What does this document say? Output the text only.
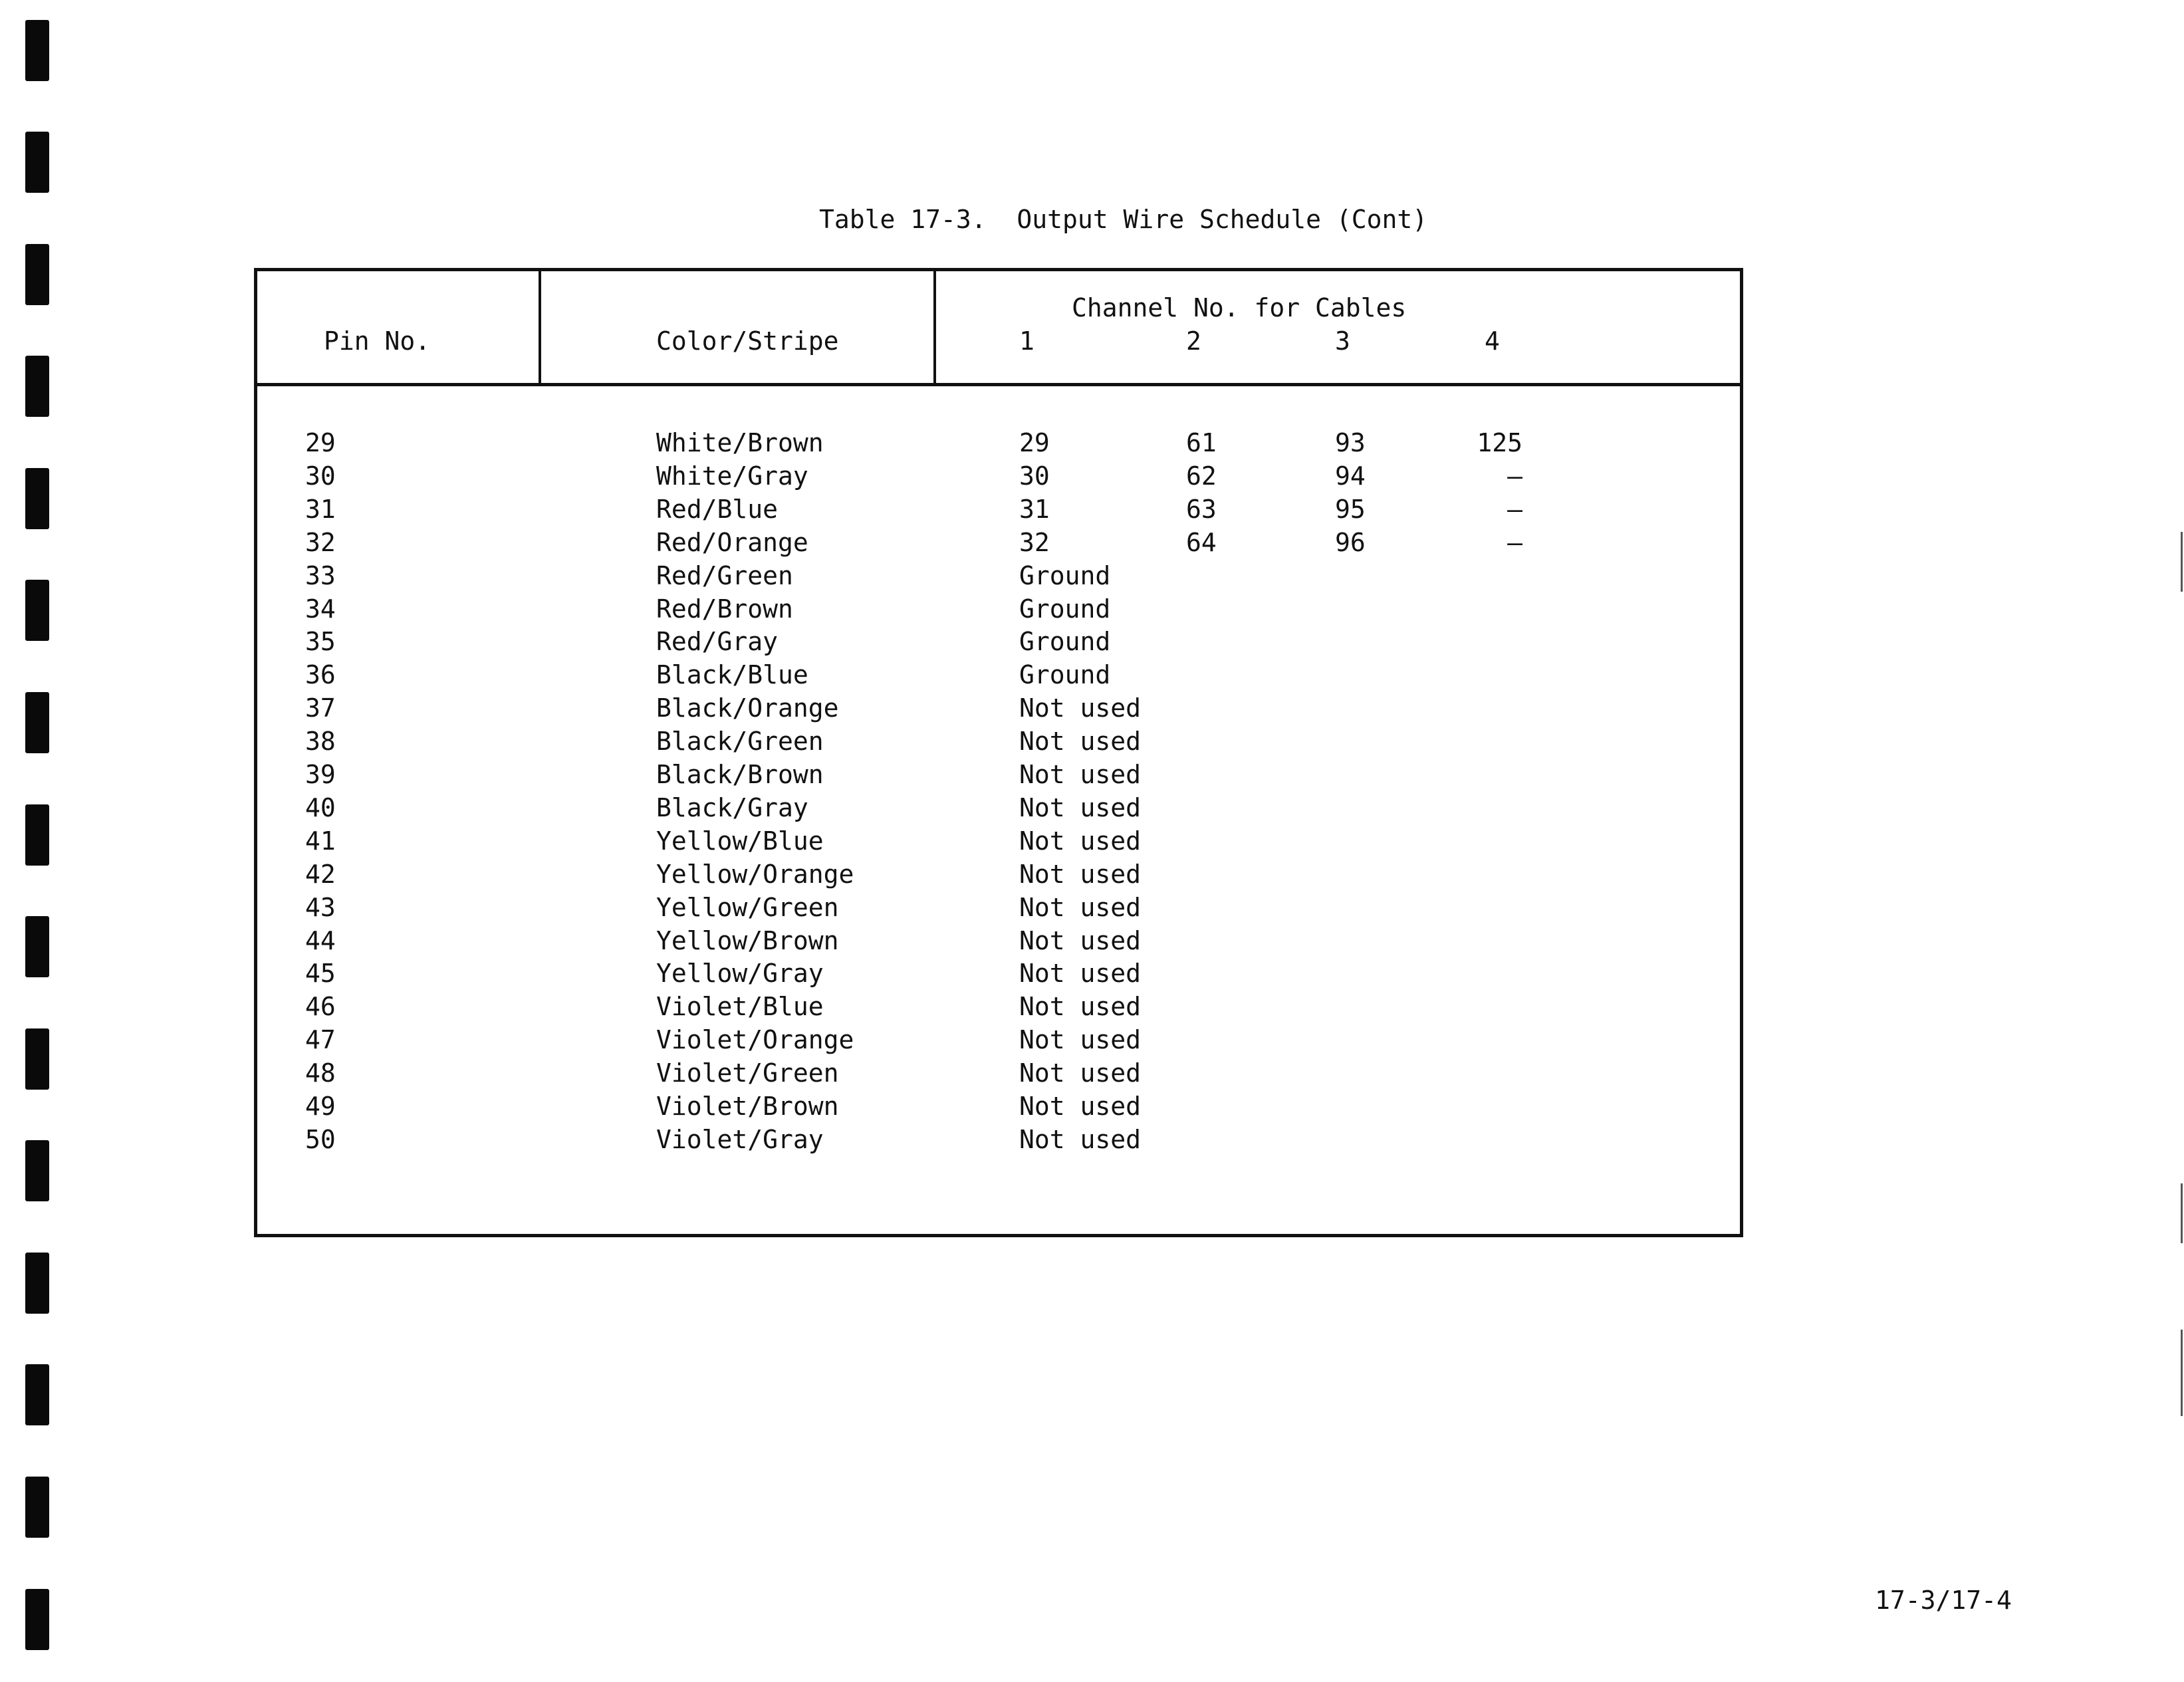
Table 17-3.  Output Wire Schedule (Cont)
Pin No.	Color/Stripe
Channel No. for Cables
1	2	3	4
29	White/Brown	29	61	93	125
30	White/Gray	30	62	94	–
31	Red/Blue	31	63	95	–
32	Red/Orange	32	64	96	–
33	Red/Green	Ground
34	Red/Brown	Ground
35	Red/Gray	Ground
36	Black/Blue	Ground
37	Black/Orange	Not used
38	Black/Green	Not used
39	Black/Brown	Not used
40	Black/Gray	Not used
41	Yellow/Blue	Not used
42	Yellow/Orange	Not used
43	Yellow/Green	Not used
44	Yellow/Brown	Not used
45	Yellow/Gray	Not used
46	Violet/Blue	Not used
47	Violet/Orange	Not used
48	Violet/Green	Not used
49	Violet/Brown	Not used
50	Violet/Gray	Not used
17-3/17-4
